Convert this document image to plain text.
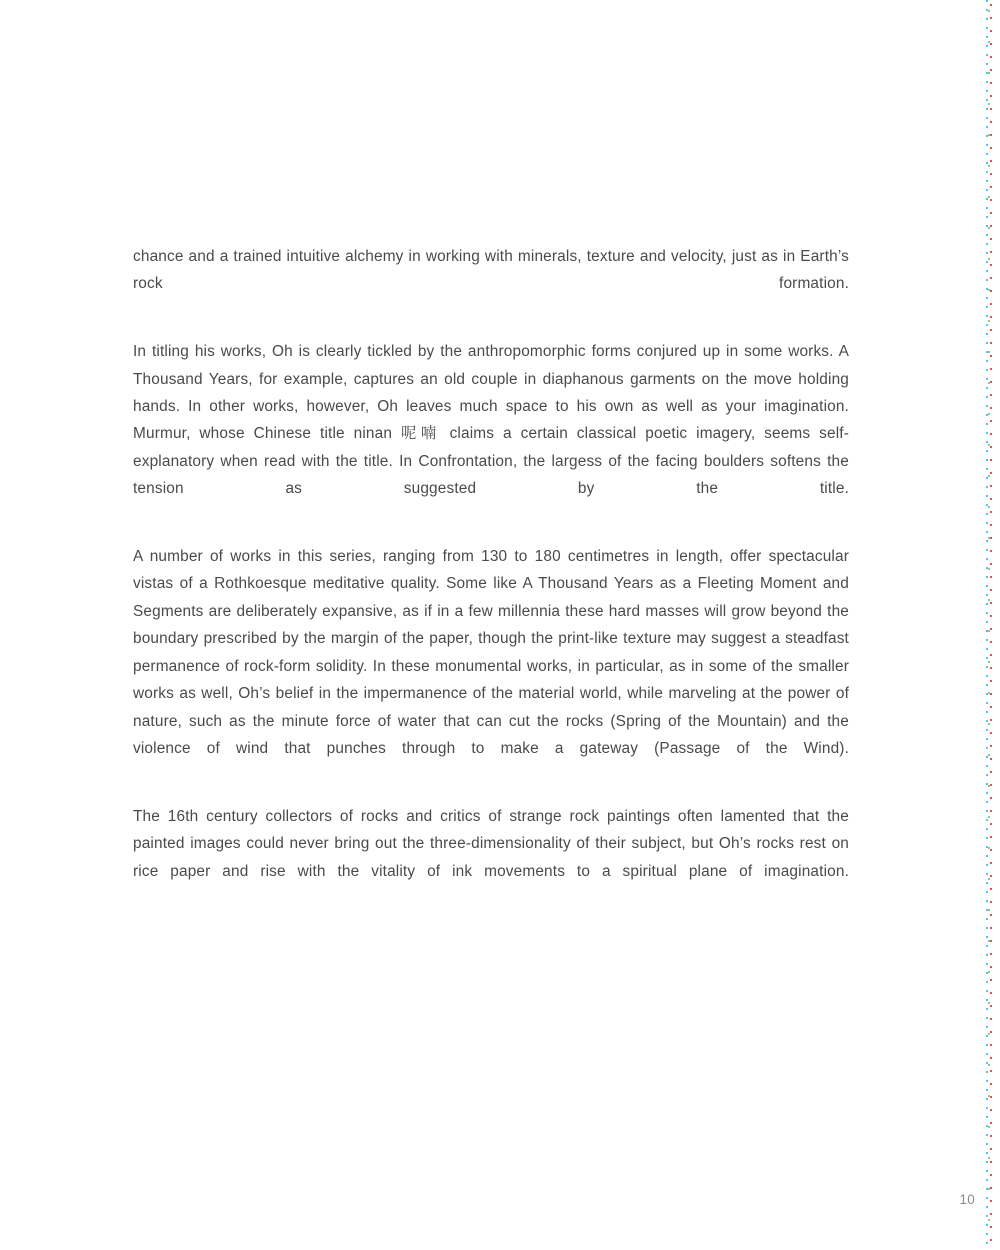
chance and a trained intuitive alchemy in working with minerals, texture and velocity, just as in Earth’s rock formation.

In titling his works, Oh is clearly tickled by the anthropomorphic forms conjured up in some works. A Thousand Years, for example, captures an old couple in diaphanous garments on the move holding hands. In other works, however, Oh leaves much space to his own as well as your imagination. Murmur, whose Chinese title ninan 呢喃 claims a certain classical poetic imagery, seems self-explanatory when read with the title. In Confrontation, the largess of the facing boulders softens the tension as suggested by the title.

A number of works in this series, ranging from 130 to 180 centimetres in length, offer spectacular vistas of a Rothkoesque meditative quality. Some like A Thousand Years as a Fleeting Moment and Segments are deliberately expansive, as if in a few millennia these hard masses will grow beyond the boundary prescribed by the margin of the paper, though the print-like texture may suggest a steadfast permanence of rock-form solidity. In these monumental works, in particular, as in some of the smaller works as well, Oh’s belief in the impermanence of the material world, while marveling at the power of nature, such as the minute force of water that can cut the rocks (Spring of the Mountain) and the violence of wind that punches through to make a gateway (Passage of the Wind).

The 16th century collectors of rocks and critics of strange rock paintings often lamented that the painted images could never bring out the three-dimensionality of their subject, but Oh’s rocks rest on rice paper and rise with the vitality of ink movements to a spiritual plane of imagination.

10
